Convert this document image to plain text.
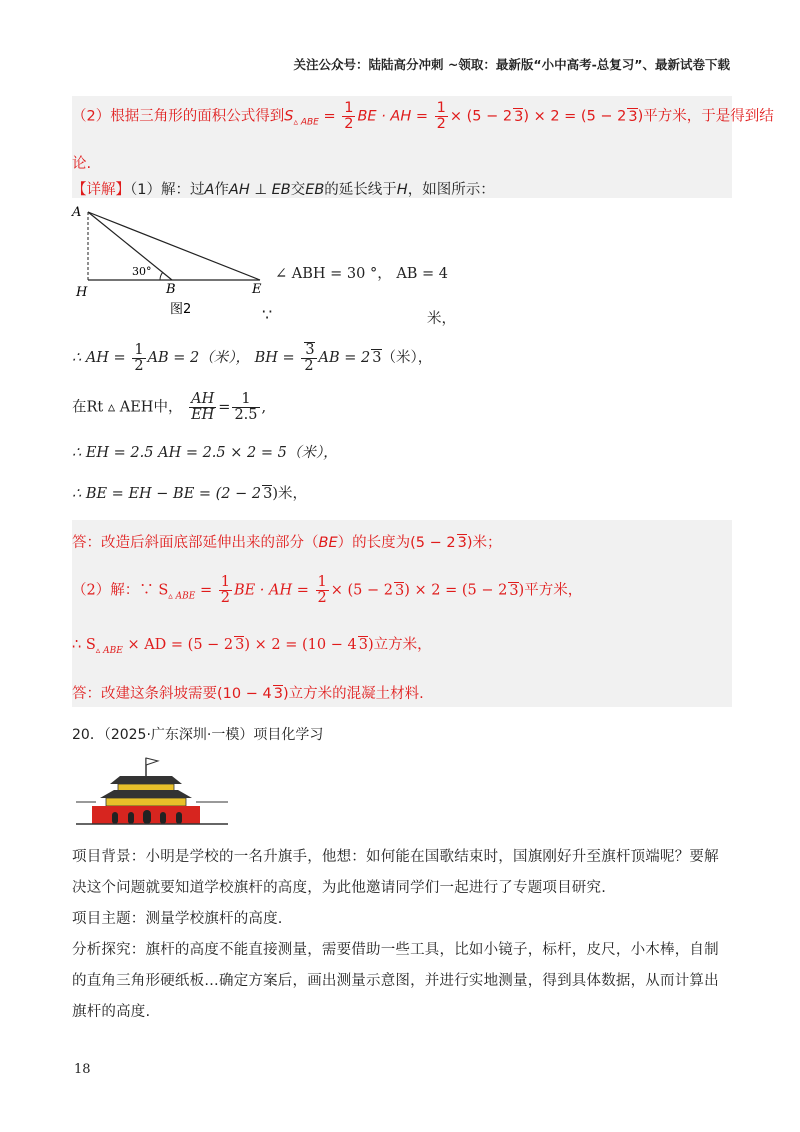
关注公众号：陆陆高分冲刺 ~领取：最新版“小中高考-总复习”、最新试卷下载
（2）根据三角形的面积公式得到$S_{▵ ABE} = \frac{1}{2}$ BE · AH = $\frac{1}{2} \times (5 - 2$ 3) × 2 = (5 − 2 3)平方米，于是得到结
论.
【详解】（1）解：过A作AH ⊥ EB交EB的延长线于H，如图所示：
A
H	B	E
30°
图2
∠ ABH = 30 °， AB = 4
∵	米，
∴ AH = $\frac{1}{2}$ AB = 2（米）， BH = $\frac{3}{2}$ AB = 2 3（米），
在Rt ▵ AEH中， $\frac{AH}{EH} = \frac{1}{2.5}$ ,
∴ EH = 2.5 AH = 2.5 × 2 = 5（米），
∴ BE = EH − BE = (2 − 2 3)米，
答：改造后斜面底部延伸出来的部分（BE）的长度为(5 − 2 3)米；
（2）解：∵ $S_{▵ ABE} = \frac{1}{2}$ BE · AH = $\frac{1}{2} \times (5 - 2$ 3) × 2 = (5 − 2 3)平方米，
∴ $S_{▵ ABE}$ × AD = (5 − 2 3) × 2 = (10 − 4 3)立方米，
答：改建这条斜坡需要(10 − 4 3)立方米的混凝土材料.
20．（2025·广东深圳·一模）项目化学习
项目背景：小明是学校的一名升旗手，他想：如何能在国歌结束时，国旗刚好升至旗杆顶端呢？要解决这个问题就要知道学校旗杆的高度，为此他邀请同学们一起进行了专题项目研究.
项目主题：测量学校旗杆的高度.
分析探究：旗杆的高度不能直接测量，需要借助一些工具，比如小镜子，标杆，皮尺，小木棒，自制的直角三角形硬纸板…确定方案后，画出测量示意图，并进行实地测量，得到具体数据，从而计算出旗杆的高度.
18
